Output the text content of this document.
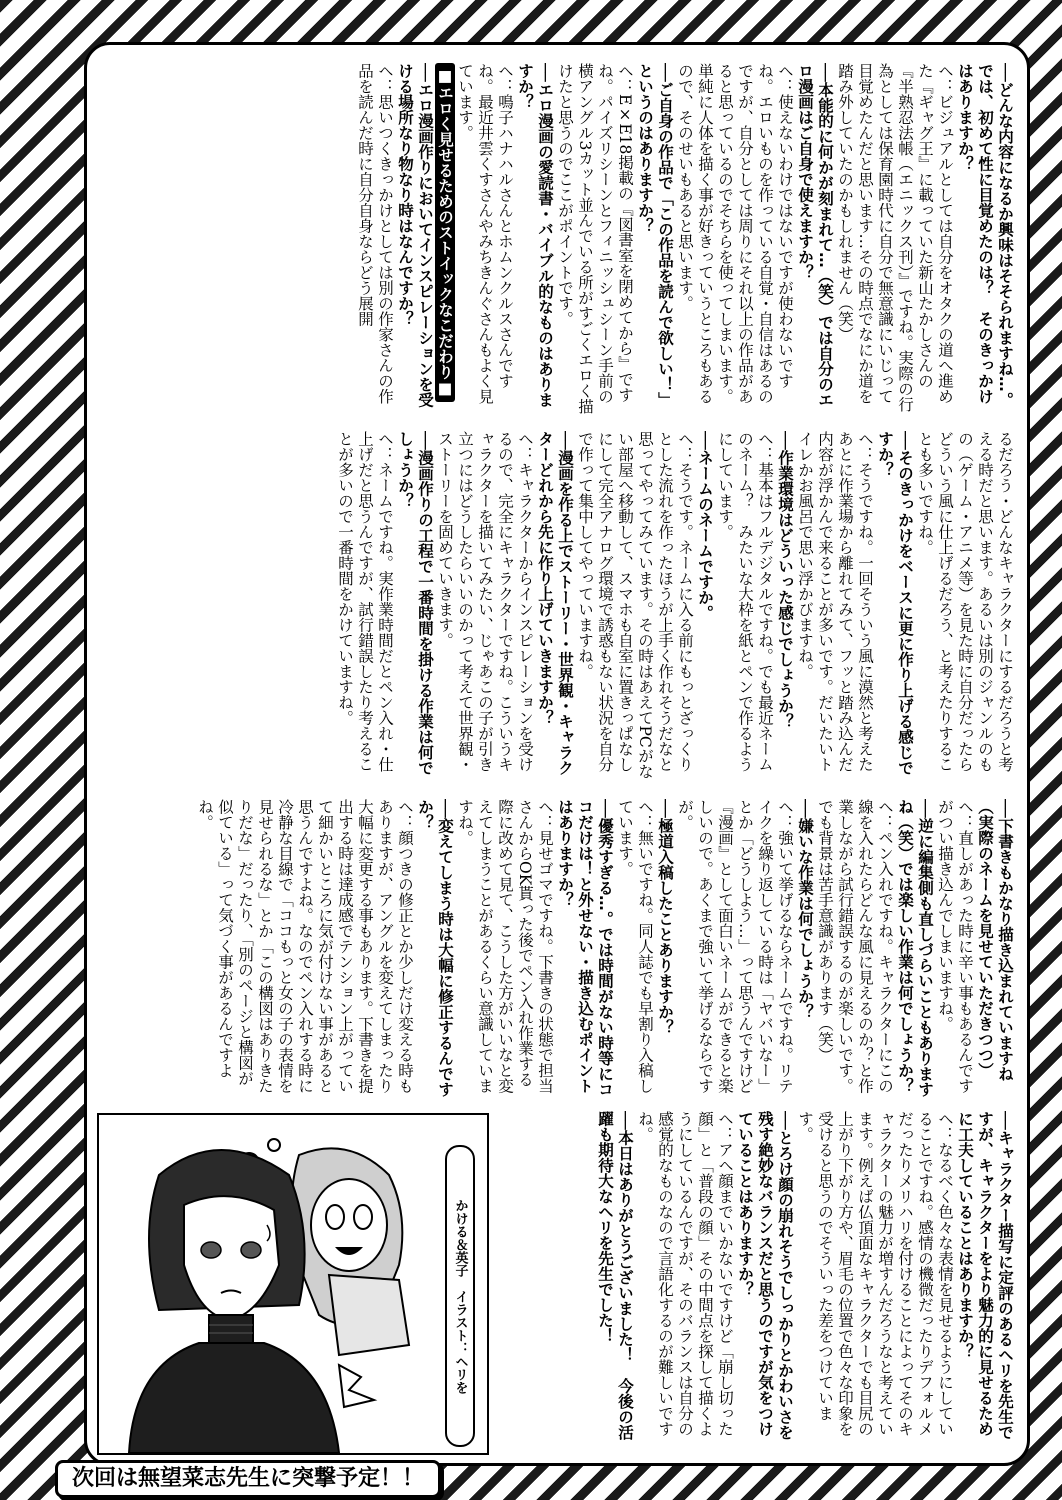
──どんな内容になるか興味はそそられますね…。では、初めて性に目覚めたのは？　そのきっかけはありますか？
ヘ：ビジュアルとしては自分をオタクの道へ進めた『ギャグ王』に載っていた新山たかしさんの『半熟忍法帳（エニックス刊）』ですね。実際の行為としては保育園時代に自分で無意識にいじって目覚めたんだと思います…その時点でなにか道を踏み外していたのかもしれません（笑）
──本能的に何かが刻まれて…（笑）では自分のエロ漫画はご自身で使えますか？
ヘ：使えないわけではないですが使わないですね。エロいものを作っている自覚・自信はあるのですが、自分としては周りにそれ以上の作品があると思っているのでそちらを使ってしまいます。単純に人体を描く事が好きっていうところもあるので、そのせいもあると思います。
──ご自身の作品で「この作品を読んで欲しい！」というのはありますか？
ヘ：E×E18掲載の『図書室を閉めてから』ですね。パイズリシーンとフィニッシュシーン手前の横アングル3カット並んでいる所がすごくエロく描けたと思うのでここがポイントです。
──エロ漫画の愛読書・バイブル的なものはありますか？
ヘ：鳴子ハナハルさんとホムンクルスさんですね。最近井雲くすさんやみちきんぐさんもよく見ています。
■エロく見せるためのストイックなこだわり■
──エロ漫画作りにおいてインスピレーションを受ける場所なり物なり時はなんですか？
ヘ：思いつくきっかけとしては別の作家さんの作品を読んだ時に自分自身ならどう展開
るだろう・どんなキャラクターにするだろうと考える時だと思います。あるいは別のジャンルのもの（ゲーム・アニメ等）を見た時に自分だったらどういう風に仕上げるだろう、と考えたりすることも多いですね。
──そのきっかけをベースに更に作り上げる感じですか？
ヘ：そうですね。一回そういう風に漠然と考えたあとに作業場から離れてみて、フッと踏み込んだ内容が浮かんで来ることが多いです。だいたいトイレかお風呂で思い浮かびますね。
──作業環境はどういった感じでしょうか？
ヘ：基本はフルデジタルですね。でも最近ネームのネーム？　みたいな大枠を紙とペンで作るようにしています。
──ネームのネームですか。
ヘ：そうです。ネームに入る前にもっとざっくりとした流れを作ったほうが上手く作れそうだなと思ってやってみています。その時はあえてPCがない部屋へ移動して、スマホも自室に置きっぱなしにして完全アナログ環境で誘惑もない状況を自分で作って集中してやっていますね。
──漫画を作る上でストーリー・世界観・キャラクターどれから先に作り上げていきますか？
ヘ：キャラクターからインスピレーションを受けるので、完全にキャラクターですね。こういうキャラクターを描いてみたい、じゃあこの子が引き立つにはどうしたらいいのかって考えて世界観・ストーリーを固めていきます。
──漫画作りの工程で一番時間を掛ける作業は何でしょうか？
ヘ：ネームですね。実作業時間だとペン入れ・仕上げだと思うんですが、試行錯誤したり考えることが多いので一番時間をかけていますね。
──下書きもかなり描き込まれていますね（実際のネームを見せていただきつつ）
ヘ：直しがあった時に辛い事もあるんですがつい描き込んでしまいますね。
──逆に編集側も直しづらいこともありますね（笑）では楽しい作業は何でしょうか？
ヘ：ペン入れですね。キャラクターにこの線を入れたらどんな風に見えるのか？と作業しながら試行錯誤するのが楽しいです。でも背景は苦手意識があります（笑）
──嫌いな作業は何でしょうか？
ヘ：強いて挙げるならネームですね。リテイクを繰り返している時は「ヤバいなー」とか「どうしよう…」って思うんですけど『漫画』として面白いネームができると楽しいので。あくまで強いて挙げるならですが。
──極道入稿したことありますか？
ヘ：無いですね。同人誌でも早割り入稿しています。
──優秀すぎる…。では時間がない時等にココだけは！と外せない・描き込むポイントはありますか？
ヘ：見せゴマですね。下書きの状態で担当さんからOK貰った後でペン入れ作業する際に改めて見て、こうした方がいいなと変えてしまうことがあるくらい意識していますね。
──変えてしまう時は大幅に修正するんですか？
ヘ：顔つきの修正とか少しだけ変える時もありますが、アングルを変えてしまったり大幅に変更する事もあります。下書きを提出する時は達成感でテンション上がっていて細かいところに気が付けない事があると思うんですよね。なのでペン入れする時に冷静な目線で「ココもっと女の子の表情を見せられるな」とか「この構図はありきたりだな」だったり、「別のページと構図が似ている」って気づく事があるんですよね。
──キャラクター描写に定評のあるヘリを先生ですが、キャラクターをより魅力的に見せるために工夫していることはありますか？
ヘ：なるべく色々な表情を見せるようにしていることですね。感情の機微だったりデフォルメだったりメリハリを付けることによってそのキャラクターの魅力が増すんだろうなと考えています。例えば仏頂面なキャラクターでも目尻の上がり下がり方や、眉毛の位置で色々な印象を受けると思うのでそういった差をつけています。
──とろけ顔の崩れそうでしっかりとかわいさを残す絶妙なバランスだと思うのですが気をつけていることはありますか？
ヘ：アヘ顔までいかないですけど「崩し切った顔」と「普段の顔」その中間点を探して描くようにしているんですが、そのバランスは自分の感覚的なものなので言語化するのが難しいですね。
──本日はありがとうございました！　今後の活躍も期待大なヘリを先生でした！
かける＆英子　イラスト：ヘリを
次回は無望菜志先生に突撃予定！！
